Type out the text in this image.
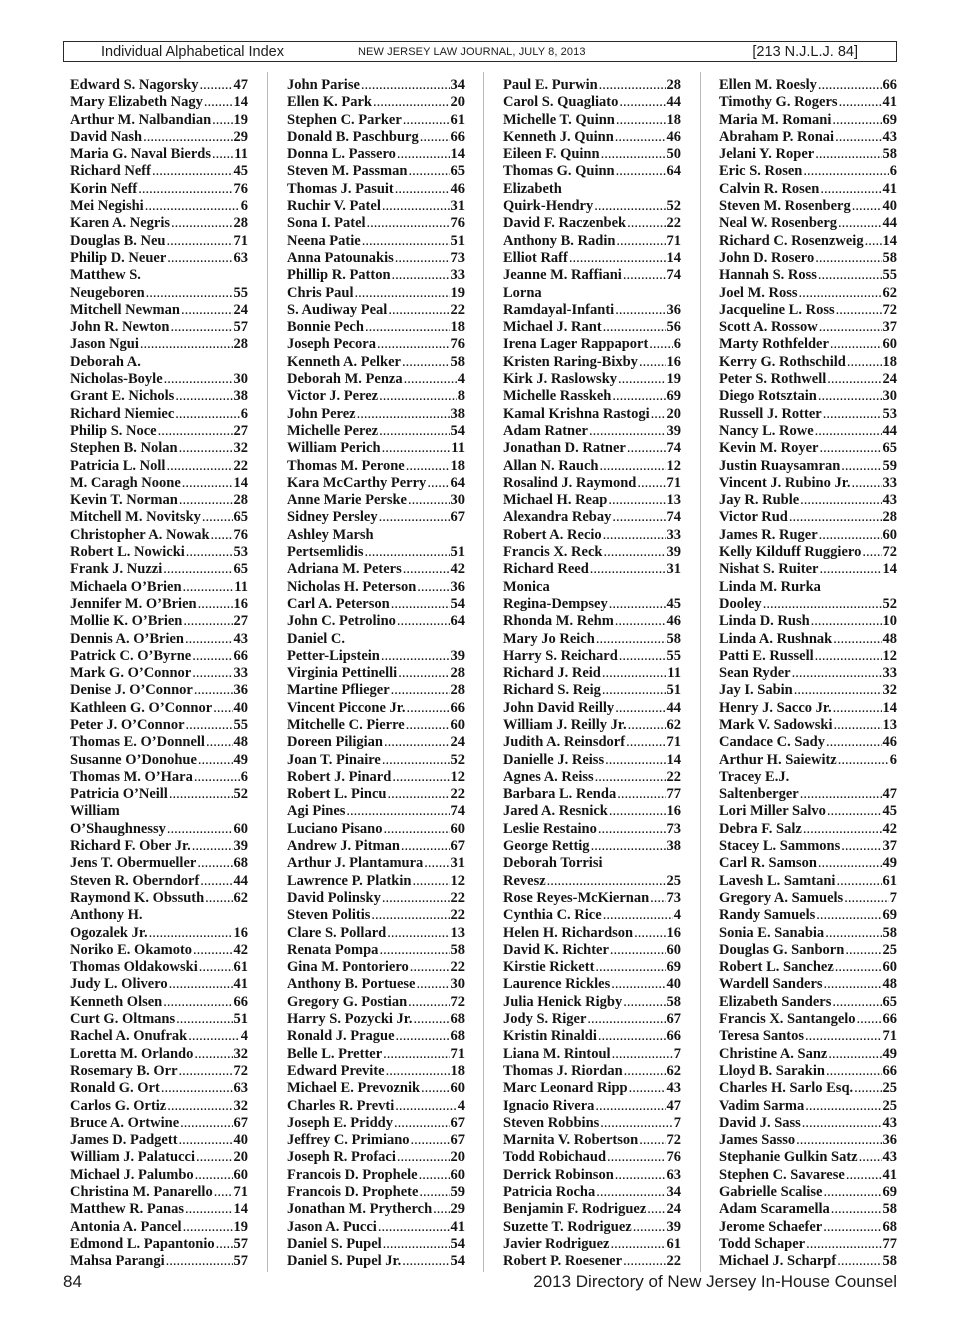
Individual Alphabetical Index	NEW JERSEY LAW JOURNAL, JULY 8, 2013	[213 N.J.L.J. 84]
Edward S. Nagorsky ..... 47
Mary Elizabeth Nagy ..... 14
Arthur M. Nalbandian ..... 19
David Nash .....	29
Maria G. Naval Bierds ..... 11
Richard Neff .....	45
Korin Neff .....	76
Mei Negishi .....	6
Karen A. Negris .....	28
Douglas B. Neu .....	71
Philip D. Neuer .....	63
Matthew S.
Neugeboren .....	55
Mitchell Newman .....	24
John R. Newton .....	57
Jason Ngui .....	28
Deborah A.
Nicholas-Boyle .....	30
Grant E. Nichols .....	38
Richard Niemiec .....	6
Philip S. Noce .....	27
Stephen B. Nolan .....	32
Patricia L. Noll .....	22
M. Caragh Noone .....	14
Kevin T. Norman .....	28
Mitchell M. Novitsky ..... 65
Christopher A. Nowak ..... 76
Robert L. Nowicki .....	53
Frank J. Nuzzi .....	65
Michaela O’Brien .....	11
Jennifer M. O’Brien .....	16
Mollie K. O’Brien .....	27
Dennis A. O’Brien .....	43
Patrick C. O’Byrne .....	66
Mark G. O’Connor .....	33
Denise J. O’Connor .....	36
Kathleen G. O’Connor ..... 40
Peter J. O’Connor .....	55
Thomas E. O’Donnell ..... 48
Susanne O’Donohue .....	49
Thomas M. O’Hara .....	6
Patricia O’Neill .....	52
William
O’Shaughnessy .....	60
Richard F. Ober Jr. .....	39
Jens T. Obermueller .....	68
Steven R. Oberndorf ..... 44
Raymond K. Obssuth ..... 62
Anthony H.
Ogozalek Jr. .....	16
Noriko E. Okamoto .....	42
Thomas Oldakowski ..... 61
Judy L. Olivero .....	41
Kenneth Olsen .....	66
Curt G. Oltmans .....	51
Rachel A. Onufrak .....	4
Loretta M. Orlando .....	32
Rosemary B. Orr .....	72
Ronald G. Ort .....	63
Carlos G. Ortiz .....	32
Bruce A. Ortwine .....	67
James D. Padgett .....	40
William J. Palatucci .....	20
Michael J. Palumbo .....	60
Christina M. Panarello ..... 71
Matthew R. Panas .....	14
Antonia A. Pancel .....	19
Edmond L. Papantonio ..... 57
Mahsa Parangi .....	57
John Parise .....	34
Ellen K. Park .....	20
Stephen C. Parker .....	61
Donald B. Paschburg ..... 66
Donna L. Passero .....	14
Steven M. Passman .....	65
Thomas J. Pasuit .....	46
Ruchir V. Patel .....	31
Sona I. Patel .....	76
Neena Patie .....	51
Anna Patounakis .....	73
Phillip R. Patton .....	33
Chris Paul .....	19
S. Audiway Peal .....	22
Bonnie Pech .....	18
Joseph Pecora .....	76
Kenneth A. Pelker .....	58
Deborah M. Penza .....	4
Victor J. Perez .....	8
John Perez .....	38
Michelle Perez .....	54
William Perich .....	11
Thomas M. Perone .....	18
Kara McCarthy Perry ..... 64
Anne Marie Perske .....	30
Sidney Persley .....	67
Ashley Marsh
Pertsemlidis .....	51
Adriana M. Peters .....	42
Nicholas H. Peterson ..... 36
Carl A. Peterson .....	54
John C. Petrolino .....	64
Daniel C.
Petter-Lipstein .....	39
Virginia Pettinelli .....	28
Martine Pflieger .....	28
Vincent Piccone Jr. .....	66
Mitchelle C. Pierre .....	60
Doreen Piligian .....	24
Joan T. Pinaire .....	52
Robert J. Pinard .....	12
Robert L. Pincu .....	22
Agi Pines .....	74
Luciano Pisano .....	60
Andrew J. Pitman .....	67
Arthur J. Plantamura ..... 31
Lawrence P. Platkin .....	12
David Polinsky .....	22
Steven Politis .....	22
Clare S. Pollard .....	13
Renata Pompa .....	58
Gina M. Pontoriero .....	22
Anthony B. Portuese ..... 30
Gregory G. Postian .....	72
Harry S. Pozycki Jr. .....	68
Ronald J. Prague .....	68
Belle L. Pretter .....	71
Edward Previte .....	18
Michael E. Prevoznik ..... 60
Charles R. Prevti .....	4
Joseph E. Priddy .....	67
Jeffrey C. Primiano .....	67
Joseph R. Profaci .....	20
Francois D. Prophele ..... 60
Francois D. Prophete ..... 59
Jonathan M. Prytherch ..... 29
Jason A. Pucci .....	41
Daniel S. Pupel .....	54
Daniel S. Pupel Jr. .....	54
Paul E. Purwin .....	28
Carol S. Quagliato .....	44
Michelle T. Quinn .....	18
Kenneth J. Quinn .....	46
Eileen F. Quinn .....	50
Thomas G. Quinn .....	64
Elizabeth
Quirk-Hendry .....	52
David F. Raczenbek .....	22
Anthony B. Radin .....	71
Elliot Raff .....	14
Jeanne M. Raffiani .....	74
Lorna
Ramdayal-Infanti .....	36
Michael J. Rant .....	56
Irena Lager Rappaport ..... 6
Kristen Raring-Bixby ..... 16
Kirk J. Raslowsky .....	19
Michelle Rasskeh .....	69
Kamal Krishna Rastogi ..... 20
Adam Ratner .....	39
Jonathan D. Ratner .....	74
Allan N. Rauch .....	12
Rosalind J. Raymond ..... 71
Michael H. Reap .....	13
Alexandra Rebay .....	74
Robert A. Recio .....	33
Francis X. Reck .....	39
Richard Reed .....	31
Monica
Regina-Dempsey .....	45
Rhonda M. Rehm .....	46
Mary Jo Reich .....	58
Harry S. Reichard .....	55
Richard J. Reid .....	11
Richard S. Reig .....	51
John David Reilly .....	44
William J. Reilly Jr. .....	62
Judith A. Reinsdorf .....	71
Danielle J. Reiss .....	14
Agnes A. Reiss .....	22
Barbara L. Renda .....	77
Jared A. Resnick .....	16
Leslie Restaino .....	73
George Rettig .....	38
Deborah Torrisi
Revesz .....	25
Rose Reyes-McKiernan ..... 73
Cynthia C. Rice .....	4
Helen H. Richardson ..... 16
David K. Richter .....	60
Kirstie Rickett .....	69
Laurence Rickles .....	40
Julia Henick Rigby .....	58
Jody S. Riger .....	67
Kristin Rinaldi .....	66
Liana M. Rintoul .....	7
Thomas J. Riordan .....	62
Marc Leonard Ripp .....	43
Ignacio Rivera .....	47
Steven Robbins .....	7
Marnita V. Robertson ..... 72
Todd Robichaud .....	76
Derrick Robinson .....	63
Patricia Rocha .....	34
Benjamin F. Rodriguez ..... 24
Suzette T. Rodriguez ..... 39
Javier Rodriguez .....	61
Robert P. Roesener .....	22
Ellen M. Roesly .....	66
Timothy G. Rogers .....	41
Maria M. Romani .....	69
Abraham P. Ronai .....	43
Jelani Y. Roper .....	58
Eric S. Rosen .....	6
Calvin R. Rosen .....	41
Steven M. Rosenberg ..... 40
Neal W. Rosenberg .....	44
Richard C. Rosenzweig ..... 14
John D. Rosero .....	58
Hannah S. Ross .....	55
Joel M. Ross .....	62
Jacqueline L. Ross .....	72
Scott A. Rossow .....	37
Marty Rothfelder .....	60
Kerry G. Rothschild .....	18
Peter S. Rothwell .....	24
Diego Rotsztain .....	30
Russell J. Rotter .....	53
Nancy L. Rowe .....	44
Kevin M. Royer .....	65
Justin Ruaysamran .....	59
Vincent J. Rubino Jr. ..... 33
Jay R. Ruble .....	43
Victor Rud .....	28
James R. Ruger .....	60
Kelly Kilduff Ruggiero ..... 72
Nishat S. Ruiter .....	14
Linda M. Rurka
Dooley .....	52
Linda D. Rush .....	10
Linda A. Rushnak .....	48
Patti E. Russell .....	12
Sean Ryder .....	33
Jay I. Sabin .....	32
Henry J. Sacco Jr. .....	14
Mark V. Sadowski .....	13
Candace C. Sady .....	46
Arthur H. Saiewitz .....	6
Tracey E.J.
Saltenberger .....	47
Lori Miller Salvo .....	45
Debra F. Salz .....	42
Stacey L. Sammons .....	37
Carl R. Samson .....	49
Lavesh L. Samtani .....	61
Gregory A. Samuels .....	7
Randy Samuels .....	69
Sonia E. Sanabia .....	58
Douglas G. Sanborn .....	25
Robert L. Sanchez .....	60
Wardell Sanders .....	48
Elizabeth Sanders .....	65
Francis X. Santangelo ..... 66
Teresa Santos .....	71
Christine A. Sanz .....	49
Lloyd B. Sarakin .....	66
Charles H. Sarlo Esq. ..... 25
Vadim Sarma .....	25
David J. Sass .....	43
James Sasso .....	36
Stephanie Gulkin Satz ..... 43
Stephen C. Savarese .....	41
Gabrielle Scalise .....	69
Adam Scaramella .....	58
Jerome Schaefer .....	68
Todd Schaper .....	77
Michael J. Scharpf .....	58
84	2013 Directory of New Jersey In-House Counsel
